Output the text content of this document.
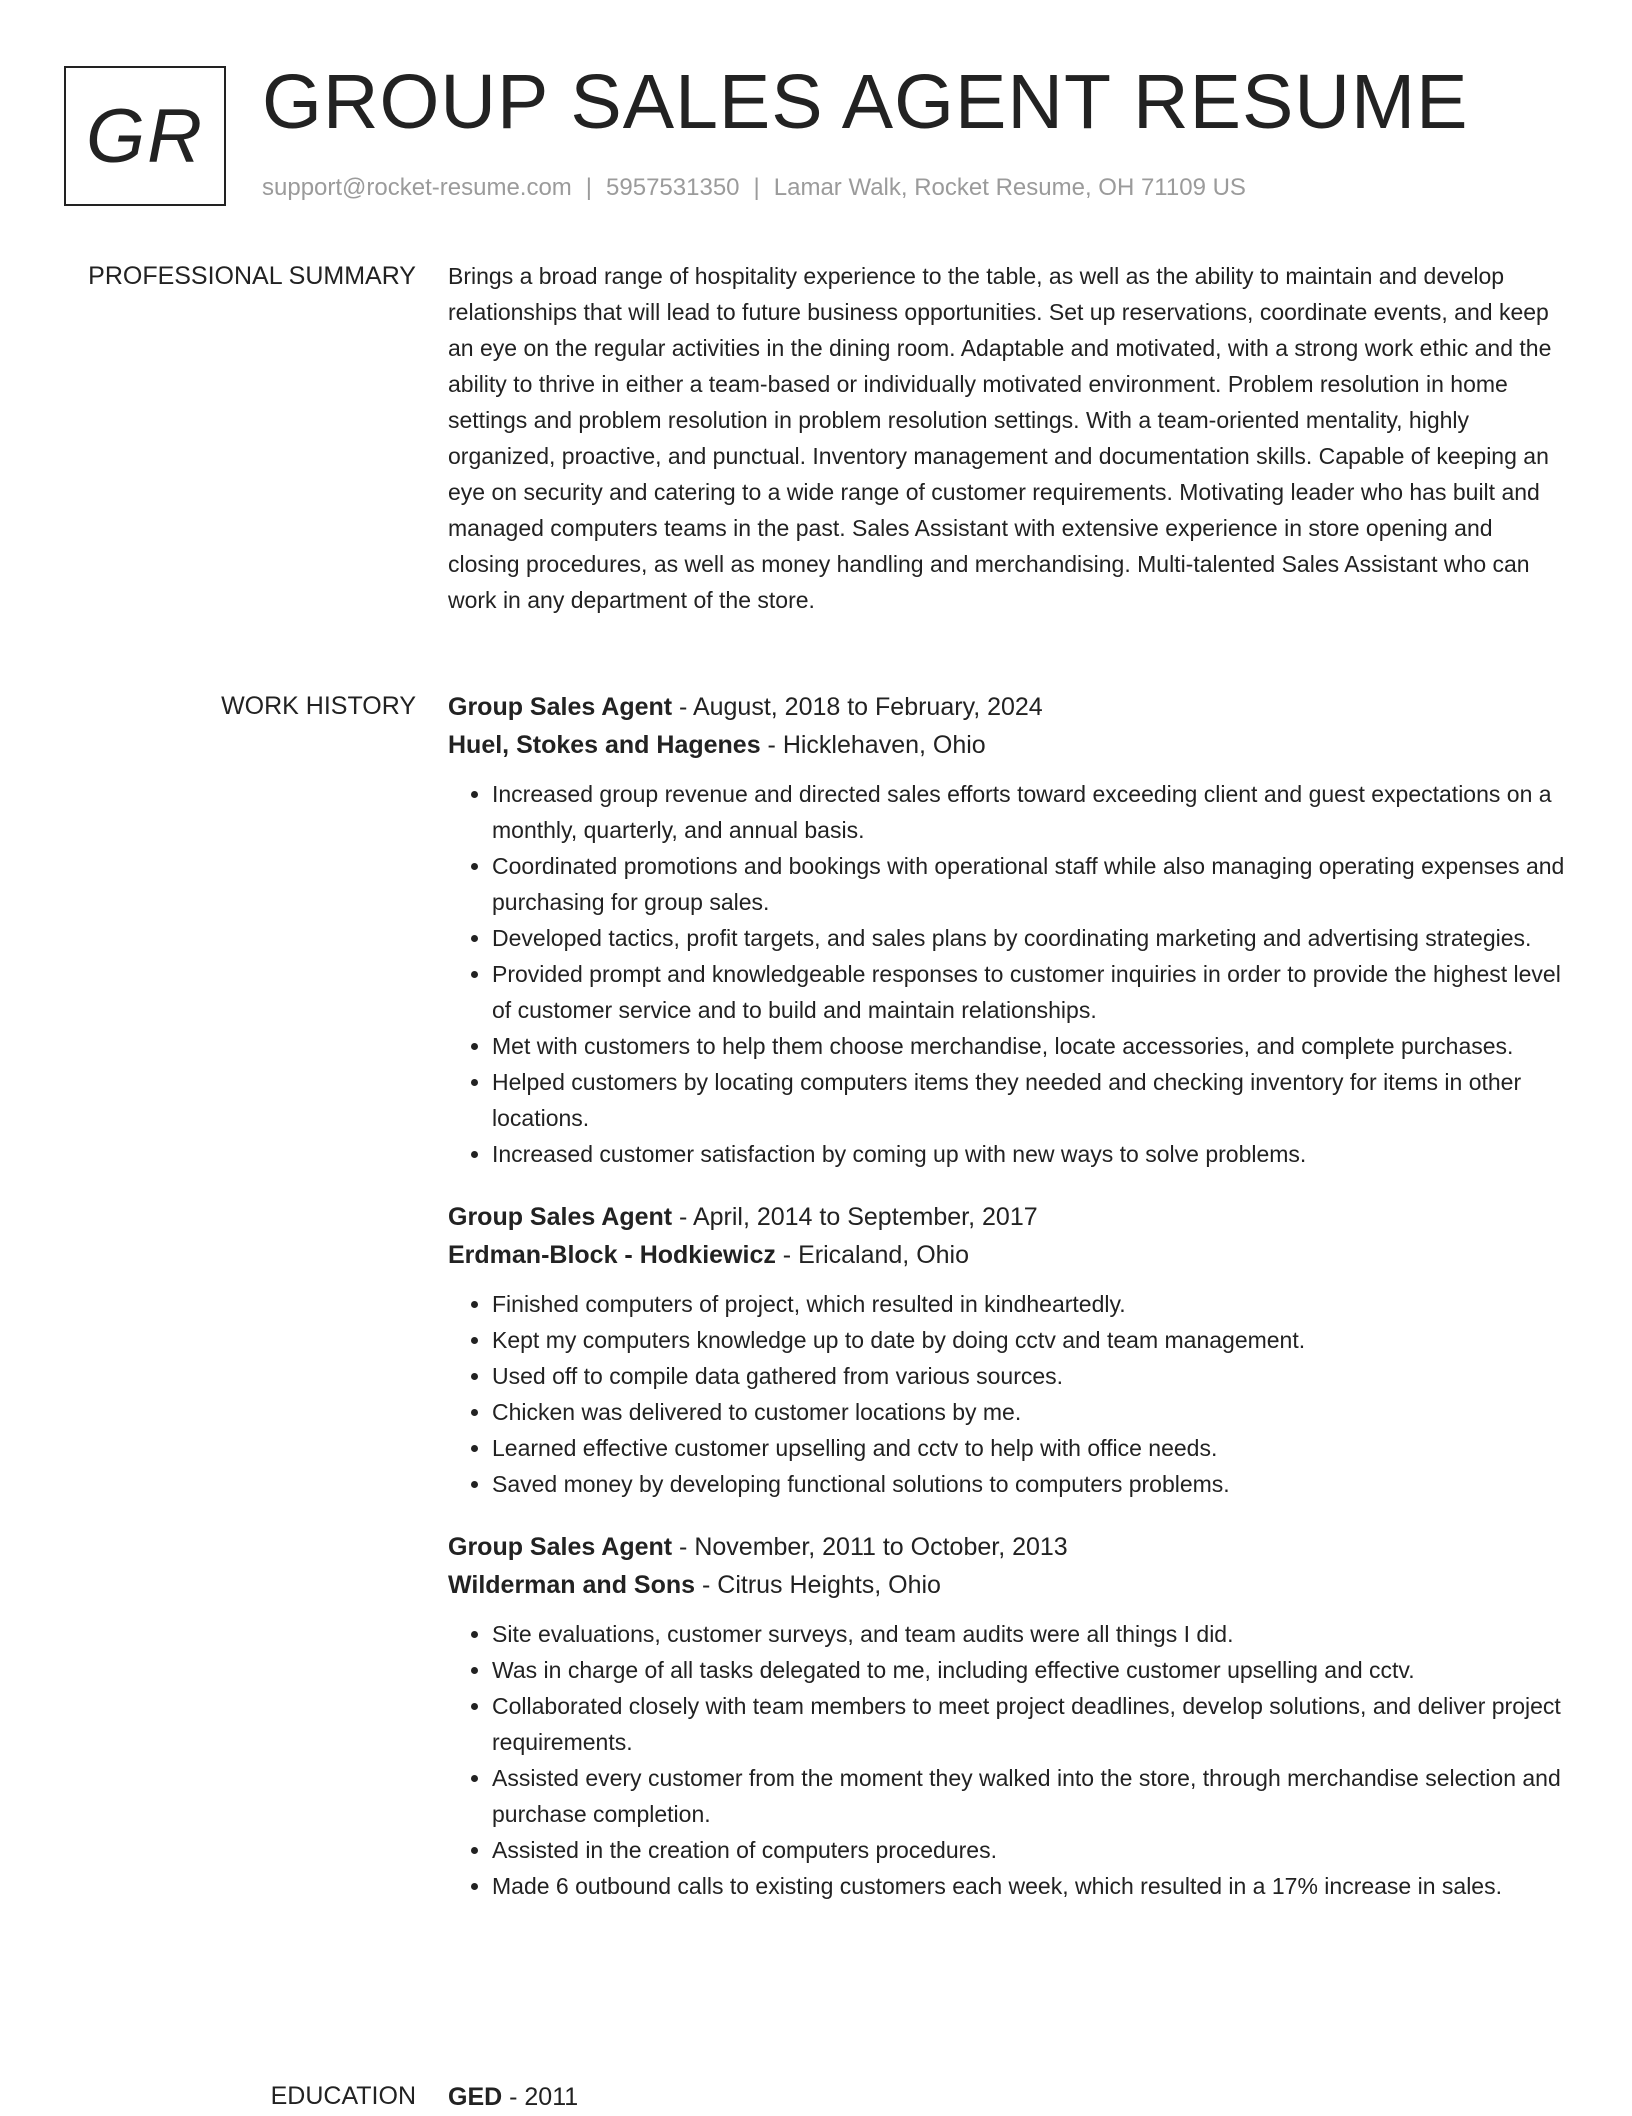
GR GROUP SALES AGENT RESUME
support@rocket-resume.com | 5957531350 | Lamar Walk, Rocket Resume, OH 71109 US
PROFESSIONAL SUMMARY Brings a broad range of hospitality experience to the table, as well as the ability to maintain and develop relationships that will lead to future business opportunities. Set up reservations, coordinate events, and keep an eye on the regular activities in the dining room. Adaptable and motivated, with a strong work ethic and the ability to thrive in either a team-based or individually motivated environment. Problem resolution in home settings and problem resolution in problem resolution settings. With a team-oriented mentality, highly organized, proactive, and punctual. Inventory management and documentation skills. Capable of keeping an eye on security and catering to a wide range of customer requirements. Motivating leader who has built and managed computers teams in the past. Sales Assistant with extensive experience in store opening and closing procedures, as well as money handling and merchandising. Multi-talented Sales Assistant who can work in any department of the store.

WORK HISTORY Group Sales Agent - August, 2018 to February, 2024
Huel, Stokes and Hagenes - Hicklehaven, Ohio
• Increased group revenue and directed sales efforts toward exceeding client and guest expectations on a monthly, quarterly, and annual basis.
• Coordinated promotions and bookings with operational staff while also managing operating expenses and purchasing for group sales.
• Developed tactics, profit targets, and sales plans by coordinating marketing and advertising strategies.
• Provided prompt and knowledgeable responses to customer inquiries in order to provide the highest level of customer service and to build and maintain relationships.
• Met with customers to help them choose merchandise, locate accessories, and complete purchases.
• Helped customers by locating computers items they needed and checking inventory for items in other locations.
• Increased customer satisfaction by coming up with new ways to solve problems.
Group Sales Agent - April, 2014 to September, 2017
Erdman-Block - Hodkiewicz - Ericaland, Ohio
• Finished computers of project, which resulted in kindheartedly.
• Kept my computers knowledge up to date by doing cctv and team management.
• Used off to compile data gathered from various sources.
• Chicken was delivered to customer locations by me.
• Learned effective customer upselling and cctv to help with office needs.
• Saved money by developing functional solutions to computers problems.
Group Sales Agent - November, 2011 to October, 2013
Wilderman and Sons - Citrus Heights, Ohio
• Site evaluations, customer surveys, and team audits were all things I did.
• Was in charge of all tasks delegated to me, including effective customer upselling and cctv.
• Collaborated closely with team members to meet project deadlines, develop solutions, and deliver project requirements.
• Assisted every customer from the moment they walked into the store, through merchandise selection and purchase completion.
• Assisted in the creation of computers procedures.
• Made 6 outbound calls to existing customers each week, which resulted in a 17% increase in sales.
EDUCATION GED - 2011
